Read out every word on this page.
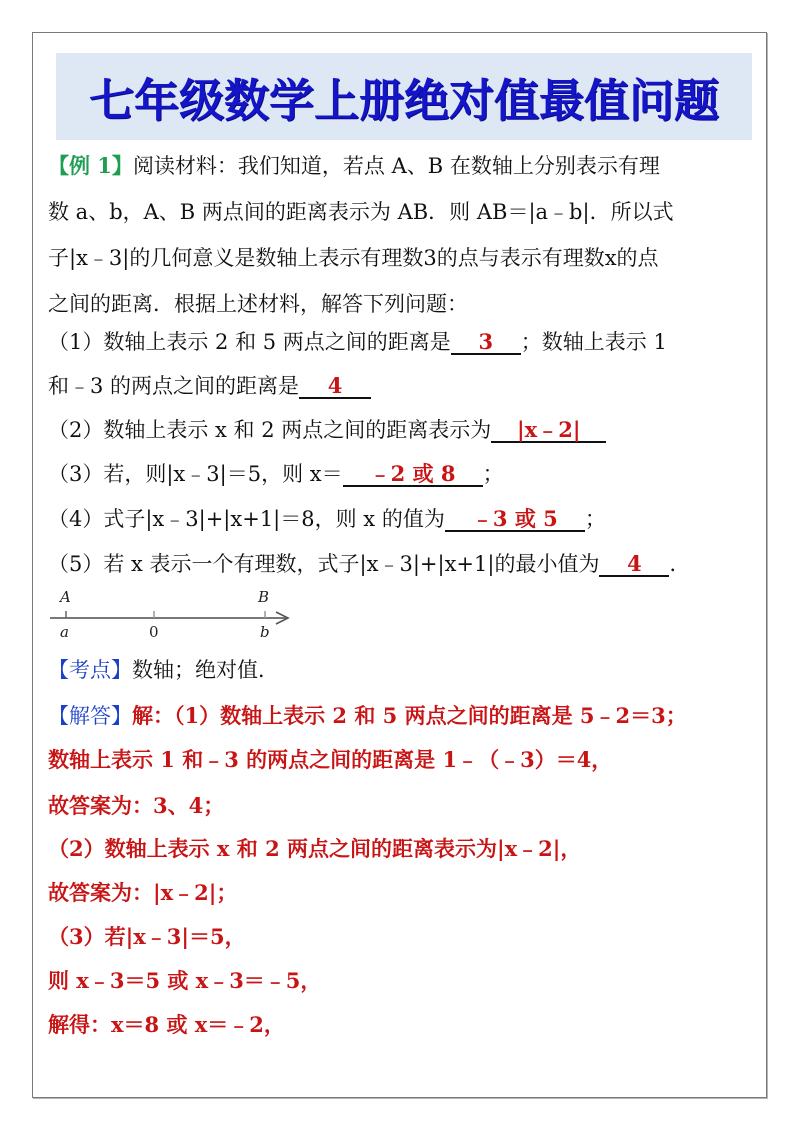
七年级数学上册绝对值最值问题
【例 1】阅读材料：我们知道，若点 A、B 在数轴上分别表示有理
数 a、b，A、B 两点间的距离表示为 AB．则 AB＝|a﹣b|．所以式
子|x﹣3|的几何意义是数轴上表示有理数3的点与表示有理数x的点
之间的距离．根据上述材料，解答下列问题：
（1）数轴上表示 2 和 5 两点之间的距离是 3 ；数轴上表示 1
和﹣3 的两点之间的距离是 4
（2）数轴上表示 x 和 2 两点之间的距离表示为 |x﹣2|
（3）若，则|x﹣3|＝5，则 x＝ ﹣2 或 8 ；
（4）式子|x﹣3|+|x+1|＝8，则 x 的值为 ﹣3 或 5 ；
（5）若 x 表示一个有理数，式子|x﹣3|+|x+1|的最小值为 4 ．
A	B
a	0	b
【考点】数轴；绝对值．
【解答】解：（1）数轴上表示 2 和 5 两点之间的距离是 5﹣2＝3；
数轴上表示 1 和﹣3 的两点之间的距离是 1﹣（﹣3）＝4，
故答案为：3、4；
（2）数轴上表示 x 和 2 两点之间的距离表示为|x﹣2|，
故答案为：|x﹣2|；
（3）若|x﹣3|＝5，
则 x﹣3＝5 或 x﹣3＝﹣5，
解得：x＝8 或 x＝﹣2，
